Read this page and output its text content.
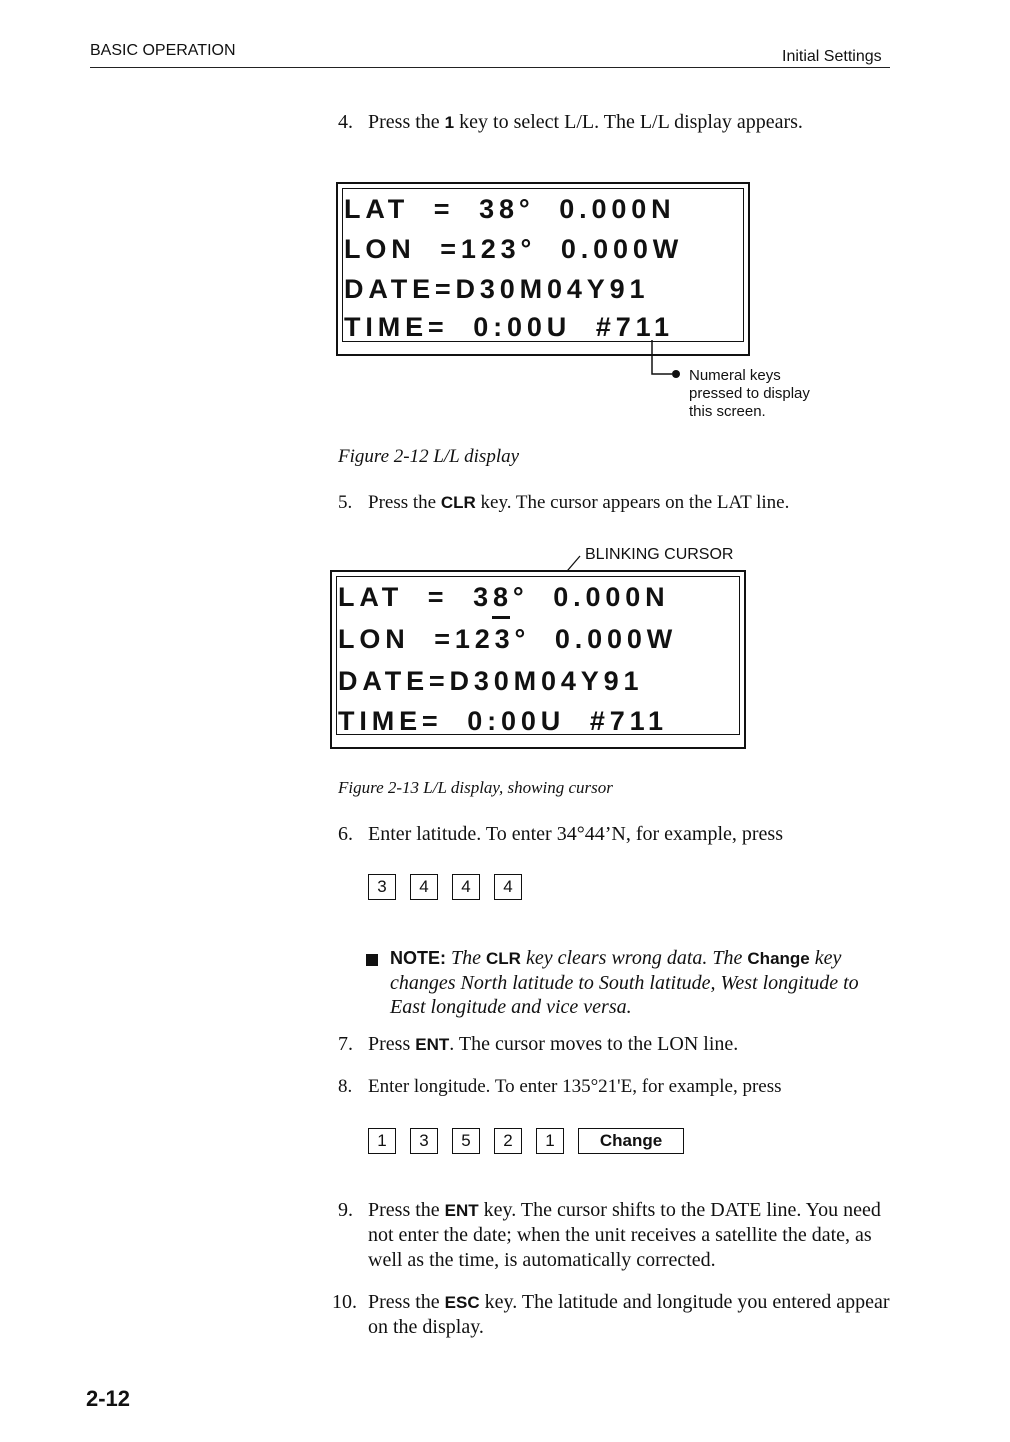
BASIC OPERATION	Initial Settings
4. Press the 1 key to select L/L. The L/L display appears.
LAT  =  38°  0.000N
LON  =123°  0.000W
DATE=D30M04Y91
TIME=  0:00U  #711
Numeral keys
pressed to display
this screen.
Figure 2-12 L/L display
5. Press the CLR key. The cursor appears on the LAT line.
BLINKING CURSOR
LAT  =  38°  0.000N
LON  =123°  0.000W
DATE=D30M04Y91
TIME=  0:00U  #711
Figure 2-13 L/L display, showing cursor
6. Enter latitude. To enter 34°44’N, for example, press
3	4	4	4
NOTE: The CLR key clears wrong data. The Change key changes North latitude to South latitude, West longitude to East longitude and vice versa.
7. Press ENT. The cursor moves to the LON line.
8. Enter longitude. To enter 135°21'E, for example, press
1	3	5	2	1	Change
9. Press the ENT key. The cursor shifts to the DATE line. You need not enter the date; when the unit receives a satellite the date, as well as the time, is automatically corrected.
10. Press the ESC key. The latitude and longitude you entered appear on the display.
2-12
